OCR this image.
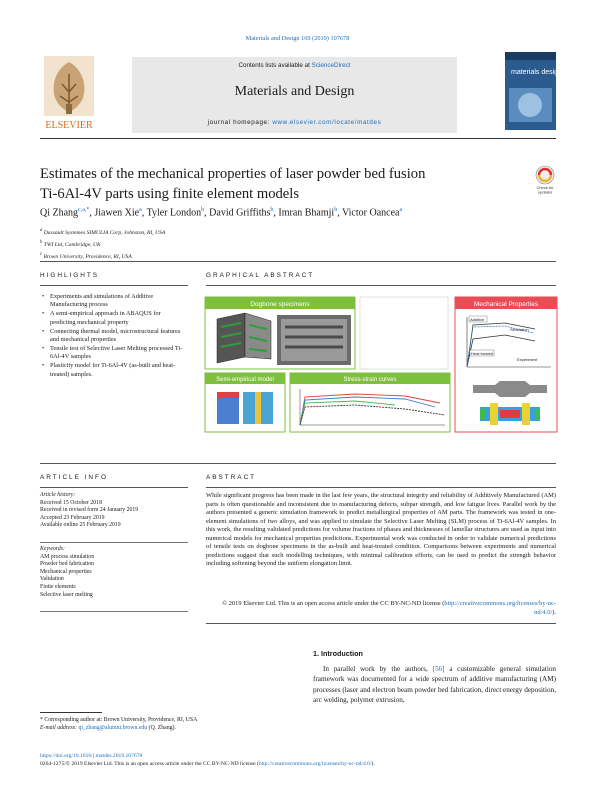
Materials and Design 169 (2019) 107678
Contents lists available at ScienceDirect
Materials and Design
journal homepage: www.elsevier.com/locate/matdes
ELSEVIER
materials design
Estimates of the mechanical properties of laser powder bed fusion
Ti-6Al-4V parts using finite element models	Check for
updates
Qi Zhang$^{c,a,*}$, Jiawen Xie$^a$, Tyler London$^b$, David Griffiths$^b$, Imran Bhamji$^b$, Victor Oancea$^a$
$^a$ Dassault Systemes SIMULIA Corp, Johnston, RI, USA
$^b$ TWI Ltd, Cambridge, UK
$^c$ Brown University, Providence, RI, USA
HIGHLIGHTS	GRAPHICAL ABSTRACT
• Experiments and simulations of Additive Manufacturing process
• A semi-empirical approach in ABAQUS for predicting mechanical property
• Connecting thermal model, microstructural features and mechanical properties
• Tensile test of Selective Laser Melting processed Ti-6Al-4V samples
• Plasticity model for Ti-6Al-4V (as-built and heat-treated) samples.
Dogbone specimens	Mechanical Properties
Additive
Simulation
Heat treated
Experiment
Semi-empirical model	Stress-strain curves
ARTICLE INFO	ABSTRACT
Article history:
Received 15 October 2018
Received in revised form 24 January 2019
Accepted 23 February 2019
Available online 25 February 2019
Keywords:
AM process simulation
Powder bed fabrication
Mechanical properties
Validation
Finite elements
Selective laser melting

While significant progress has been made in the last few years, the structural integrity and reliability of Additively Manufactured (AM) parts is often questionable and inconsistent due to manufacturing defects, subpar strength, and low fatigue lives. Parallel work by the authors presented a generic simulation framework to predict metallurgical properties of AM parts. The framework was tested in one-element simulations of two alloys, and was applied to simulate the Selective Laser Melting (SLM) process of Ti-6Al-4V samples. In this work, the resulting validated predictions for volume fractions of phases and thicknesses of lamellar structures are used as input into numerical models for mechanical properties predictions. Experimental work was conducted in order to validate numerical predictions of tensile tests on dogbone specimens in the as-built and heat-treated condition. Comparisons between experiments and numerical predictions suggest that such modelling techniques, with minimal calibration efforts, can be used to predict the strength behavior including softening beyond the uniform elongation limit.

© 2019 Elsevier Ltd. This is an open access article under the CC BY-NC-ND license (http://creativecommons.org/licenses/by-nc-nd/4.0/).
1. Introduction

In parallel work by the authors, [56] a customizable general simulation framework was documented for a wide spectrum of additive manufacturing (AM) processes (laser and electron beam powder bed fabrication, direct energy deposition, arc welding, polymer extrusion,

* Corresponding author at: Brown University, Providence, RI, USA
E-mail address: qi_zhang@alumni.brown.edu (Q. Zhang).
https://doi.org/10.1016/j.matdes.2019.107678
0264-1275/© 2019 Elsevier Ltd. This is an open access article under the CC BY-NC-ND license (http://creativecommons.org/licenses/by-nc-nd/4.0/).
